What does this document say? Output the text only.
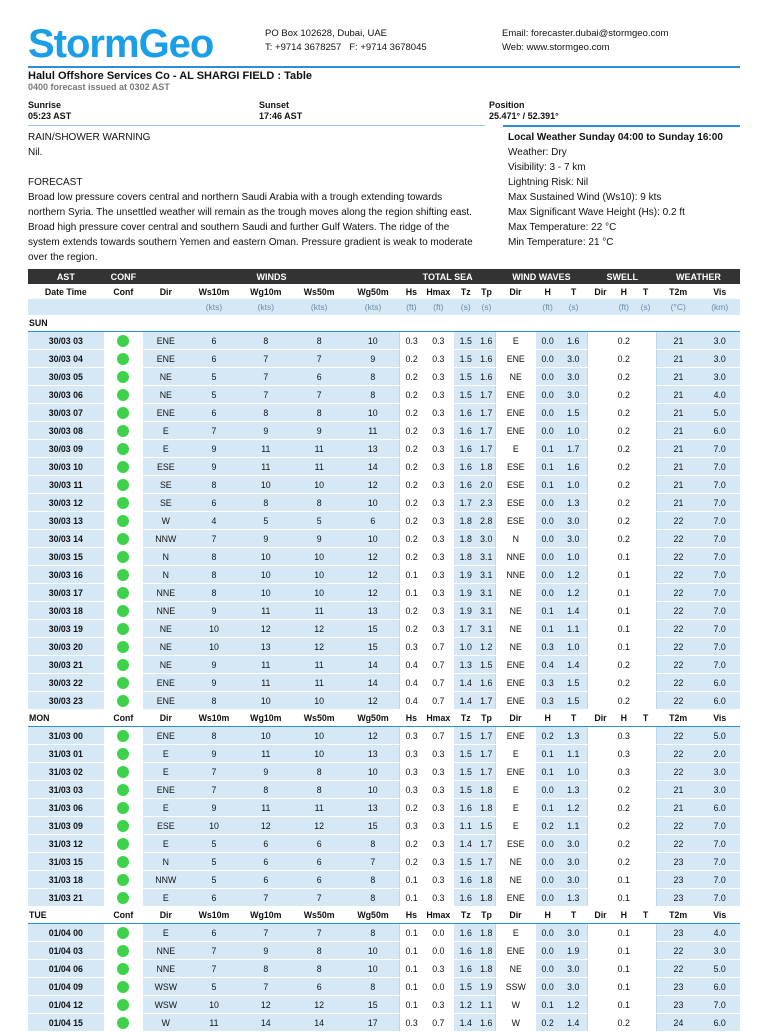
StormGeo	PO Box 102628, Dubai, UAE
T: +9714 3678257   F: +9714 3678045
Email: forecaster.dubai@stormgeo.com
Web: www.stormgeo.com
Halul Offshore Services Co - AL SHARGI FIELD : Table
0400 forecast issued at 0302 AST
Sunrise
05:23 AST
Sunset
17:46 AST
Position
25.471° / 52.391°
RAIN/SHOWER WARNING
Nil.
FORECAST
Broad low pressure covers central and northern Saudi Arabia with a trough extending towards northern Syria. The unsettled weather will remain as the trough moves along the region shifting east. Broad high pressure cover central and southern Saudi and further Gulf Waters. The ridge of the system extends towards southern Yemen and eastern Oman. Pressure gradient is weak to moderate over the region.
Local Weather Sunday 04:00 to Sunday 16:00
Weather: Dry
Visibility: 3 - 7 km
Lightning Risk: Nil
Max Sustained Wind (Ws10): 9 kts
Max Significant Wave Height (Hs): 0.2 ft
Max Temperature: 22 °C
Min Temperature: 21 °C
AST	CONF	WINDS					TOTAL SEA				WIND WAVES			SWELL			WEATHER	
Date Time	Conf	Dir	Ws10m	Wg10m	Ws50m	Wg50m	Hs	Hmax	Tz	Tp	Dir	H	T	Dir	H	T	T2m	Vis
			(kts)	(kts)	(kts)	(kts)	(ft)	(ft)	(s)	(s)		(ft)	(s)		(ft)	(s)	(°C)	(km)
SUN																		
30/03 03		ENE	6	8	8	10	0.3	0.3	1.5	1.6	E	0.0	1.6		0.2		21	3.0
30/03 04		ENE	6	7	7	9	0.2	0.3	1.5	1.6	ENE	0.0	3.0		0.2		21	3.0
30/03 05		NE	5	7	6	8	0.2	0.3	1.5	1.6	NE	0.0	3.0		0.2		21	3.0
30/03 06		NE	5	7	7	8	0.2	0.3	1.5	1.7	ENE	0.0	3.0		0.2		21	4.0
30/03 07		ENE	6	8	8	10	0.2	0.3	1.6	1.7	ENE	0.0	1.5		0.2		21	5.0
30/03 08		E	7	9	9	11	0.2	0.3	1.6	1.7	ENE	0.0	1.0		0.2		21	6.0
30/03 09		E	9	11	11	13	0.2	0.3	1.6	1.7	E	0.1	1.7		0.2		21	7.0
30/03 10		ESE	9	11	11	14	0.2	0.3	1.6	1.8	ESE	0.1	1.6		0.2		21	7.0
30/03 11		SE	8	10	10	12	0.2	0.3	1.6	2.0	ESE	0.1	1.0		0.2		21	7.0
30/03 12		SE	6	8	8	10	0.2	0.3	1.7	2.3	ESE	0.0	1.3		0.2		21	7.0
30/03 13		W	4	5	5	6	0.2	0.3	1.8	2.8	ESE	0.0	3.0		0.2		22	7.0
30/03 14		NNW	7	9	9	10	0.2	0.3	1.8	3.0	N	0.0	3.0		0.2		22	7.0
30/03 15		N	8	10	10	12	0.2	0.3	1.8	3.1	NNE	0.0	1.0		0.1		22	7.0
30/03 16		N	8	10	10	12	0.1	0.3	1.9	3.1	NNE	0.0	1.2		0.1		22	7.0
30/03 17		NNE	8	10	10	12	0.1	0.3	1.9	3.1	NE	0.0	1.2		0.1		22	7.0
30/03 18		NNE	9	11	11	13	0.2	0.3	1.9	3.1	NE	0.1	1.4		0.1		22	7.0
30/03 19		NE	10	12	12	15	0.2	0.3	1.7	3.1	NE	0.1	1.1		0.1		22	7.0
30/03 20		NE	10	13	12	15	0.3	0.7	1.0	1.2	NE	0.3	1.0		0.1		22	7.0
30/03 21		NE	9	11	11	14	0.4	0.7	1.3	1.5	ENE	0.4	1.4		0.2		22	7.0
30/03 22		ENE	9	11	11	14	0.4	0.7	1.4	1.6	ENE	0.3	1.5		0.2		22	6.0
30/03 23		ENE	8	10	10	12	0.4	0.7	1.4	1.7	ENE	0.3	1.5		0.2		22	6.0
MON	Conf	Dir	Ws10m	Wg10m	Ws50m	Wg50m	Hs	Hmax	Tz	Tp	Dir	H	T	Dir	H	T	T2m	Vis
31/03 00		ENE	8	10	10	12	0.3	0.7	1.5	1.7	ENE	0.2	1.3		0.3		22	5.0
31/03 01		E	9	11	10	13	0.3	0.3	1.5	1.7	E	0.1	1.1		0.3		22	2.0
31/03 02		E	7	9	8	10	0.3	0.3	1.5	1.7	ENE	0.1	1.0		0.3		22	3.0
31/03 03		ENE	7	8	8	10	0.3	0.3	1.5	1.8	E	0.0	1.3		0.2		21	3.0
31/03 06		E	9	11	11	13	0.2	0.3	1.6	1.8	E	0.1	1.2		0.2		21	6.0
31/03 09		ESE	10	12	12	15	0.3	0.3	1.1	1.5	E	0.2	1.1		0.2		22	7.0
31/03 12		E	5	6	6	8	0.2	0.3	1.4	1.7	ESE	0.0	3.0		0.2		22	7.0
31/03 15		N	5	6	6	7	0.2	0.3	1.5	1.7	NE	0.0	3.0		0.2		23	7.0
31/03 18		NNW	5	6	6	8	0.1	0.3	1.6	1.8	NE	0.0	3.0		0.1		23	7.0
31/03 21		E	6	7	7	8	0.1	0.3	1.6	1.8	ENE	0.0	1.3		0.1		23	7.0
TUE	Conf	Dir	Ws10m	Wg10m	Ws50m	Wg50m	Hs	Hmax	Tz	Tp	Dir	H	T	Dir	H	T	T2m	Vis
01/04 00		E	6	7	7	8	0.1	0.0	1.6	1.8	E	0.0	3.0		0.1		23	4.0
01/04 03		NNE	7	9	8	10	0.1	0.0	1.6	1.8	ENE	0.0	1.9		0.1		22	3.0
01/04 06		NNE	7	8	8	10	0.1	0.3	1.6	1.8	NE	0.0	3.0		0.1		22	5.0
01/04 09		WSW	5	7	6	8	0.1	0.0	1.5	1.9	SSW	0.0	3.0		0.1		23	6.0
01/04 12		WSW	10	12	12	15	0.1	0.3	1.2	1.1	W	0.1	1.2		0.1		23	7.0
01/04 15		W	11	14	14	17	0.3	0.7	1.4	1.6	W	0.2	1.4		0.2		24	6.0
